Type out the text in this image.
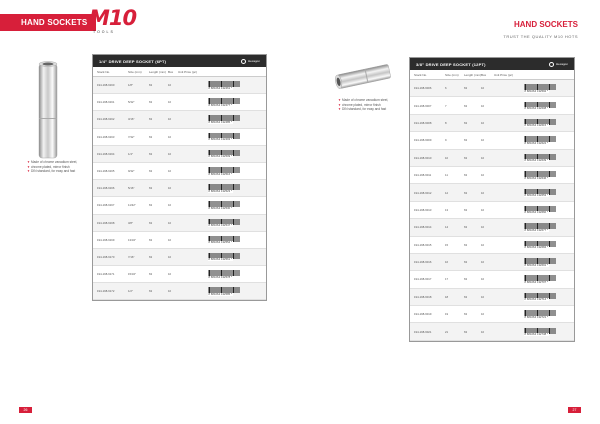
HAND SOCKETS M10
TOOLS
HAND SOCKETS
TRUST THE QUALITY M10 HOTS
▼ Made of chrome vanadium steel,
▼ chrome plated, mirror finish
▼ DIN standard, for easy and fast
1/4" DRIVE DEEP SOCKET (6PT)	Hexagon
Stock No.	Size (mm)	Length (mm) Box	Unit Price (pc)
194-198-6160	1/8"	63	10
8 681064 132461 *
194-198-6161	5/32"	63	10
8 681064 132477 *
194-198-6162	3/16"	63	10
8 681064 132485 *
194-198-6163	7/32"	63	10
8 681064 132493 *
194-198-6164	1/4"	63	10
8 681064 132509 *
194-198-6165	9/32"	63	10
8 681064 132516 *
194-198-6166	5/16"	63	10
8 681064 132523 *
194-198-6167	11/32"	63	10
8 681064 132530 *
194-198-6168	3/8"	63	10
8 681064 132547 *
194-198-6169	13/32"	63	10
8 681064 132554 *
194-198-6170	7/16"	63	10
8 681064 132561 *
194-198-6171	15/32"	63	10
8 681064 132578 *
194-198-6172	1/2"	63	10
8 681064 132585 *
26
▼ Made of chrome vanadium steel,
▼ chrome plated, mirror finish
▼ DIN standard, for easy and fast
3/8" DRIVE DEEP SOCKET (12PT)	Hexagon
Stock No.	Size (mm)	Length (mm) Box	Unit Price (pc)
194-198-6006	6	63	10
8 681064 132592 *
194-198-6007	7	63	10
8 681064 132608 *
194-198-6008	8	63	10
8 681064 132615 *
194-198-6009	9	63	10
8 681064 132622 *
194-198-6010	10	63	10
8 681064 132639 *
194-198-6011	11	63	10
8 681064 132646 *
194-198-6012	12	63	10
8 681064 132653 *
194-198-6013	13	63	10
8 681064 132660 *
194-198-6014	14	63	10
8 681064 132677 *
194-198-6015	15	63	10
8 681064 132684 *
194-198-6016	16	63	10
8 681064 132691 *
194-198-6017	17	63	10
8 681064 132707 *
194-198-6018	18	63	10
8 681064 132714 *
194-198-6019	19	63	10
8 681064 132721 *
194-198-6021	21	63	10
8 681064 132738 *
27
